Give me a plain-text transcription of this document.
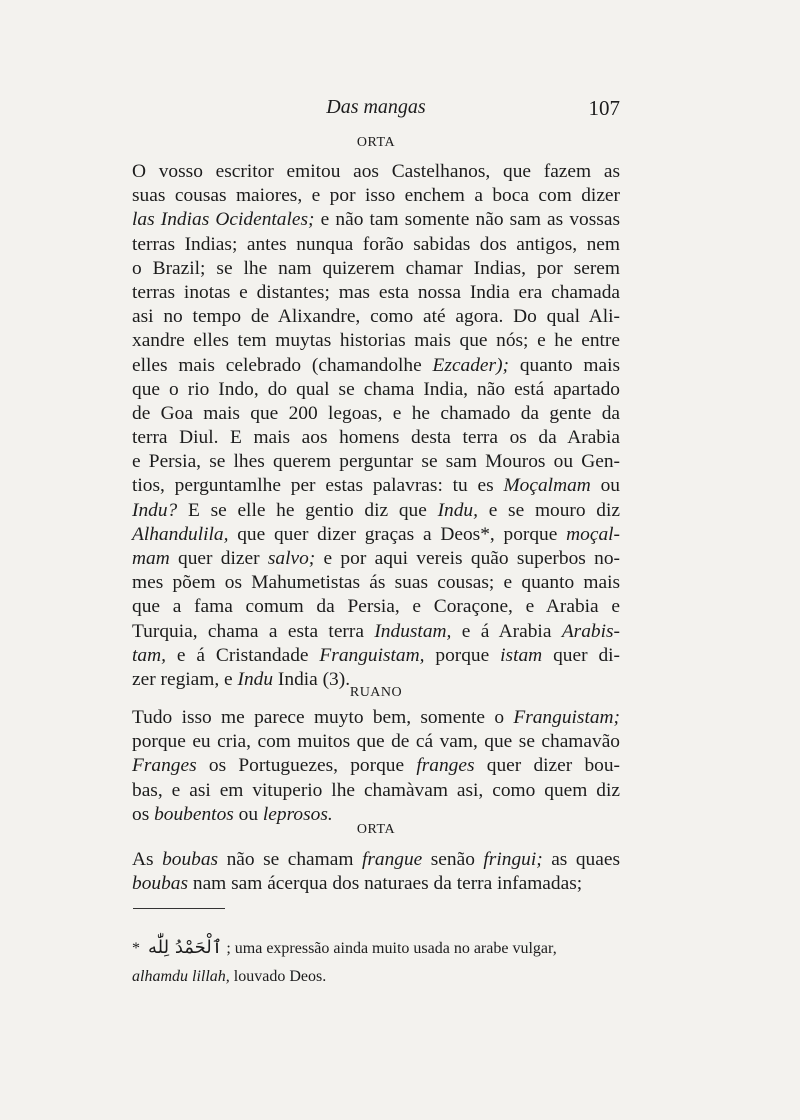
Das mangas	107
ORTA
O vosso escritor emitou aos Castelhanos, que fazem as
suas cousas maiores, e por isso enchem a boca com dizer
las Indias Ocidentales; e não tam somente não sam as vossas
terras Indias; antes nunqua forão sabidas dos antigos, nem
o Brazil; se lhe nam quizerem chamar Indias, por serem
terras inotas e distantes; mas esta nossa India era chamada
asi no tempo de Alixandre, como até agora. Do qual Ali-
xandre elles tem muytas historias mais que nós; e he entre
elles mais celebrado (chamandolhe Ezcader); quanto mais
que o rio Indo, do qual se chama India, não está apartado
de Goa mais que 200 legoas, e he chamado da gente da
terra Diul. E mais aos homens desta terra os da Arabia
e Persia, se lhes querem perguntar se sam Mouros ou Gen-
tios, perguntamlhe per estas palavras: tu es Moçalmam ou
Indu? E se elle he gentio diz que Indu, e se mouro diz
Alhandulila, que quer dizer graças a Deos*, porque moçal-
mam quer dizer salvo; e por aqui vereis quão superbos no-
mes põem os Mahumetistas ás suas cousas; e quanto mais
que a fama comum da Persia, e Coraçone, e Arabia e
Turquia, chama a esta terra Industam, e á Arabia Arabis-
tam, e á Cristandade Franguistam, porque istam quer di-
zer regiam, e Indu India (3).
RUANO
Tudo isso me parece muyto bem, somente o Franguistam;
porque eu cria, com muitos que de cá vam, que se chamavão
Franges os Portuguezes, porque franges quer dizer bou-
bas, e asi em vituperio lhe chamàvam asi, como quem diz
os boubentos ou leprosos.
ORTA
As boubas não se chamam frangue senão fringui; as quaes
boubas nam sam ácerqua dos naturaes da terra infamadas;
* ٱلْحَمْدُ لِلّٰه ; uma expressão ainda muito usada no arabe vulgar,
alhamdu lillah, louvado Deos.
